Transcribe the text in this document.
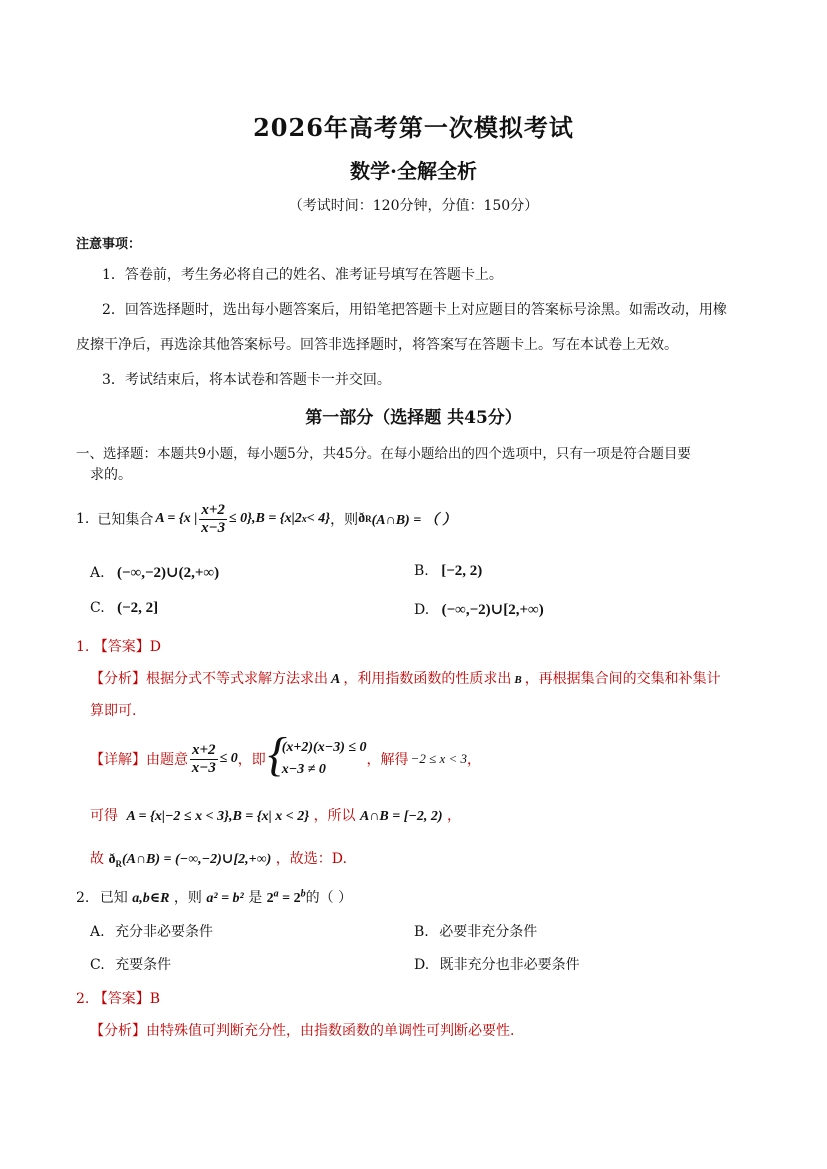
2026年高考第一次模拟考试
数学·全解全析
（考试时间：120分钟，分值：150分）
注意事项：
1．答卷前，考生务必将自己的姓名、准考证号填写在答题卡上。
2．回答选择题时，选出每小题答案后，用铅笔把答题卡上对应题目的答案标号涂黑。如需改动，用橡
皮擦干净后，再选涂其他答案标号。回答非选择题时，将答案写在答题卡上。写在本试卷上无效。
3．考试结束后，将本试卷和答题卡一并交回。
第一部分（选择题 共45分）
一、选择题：本题共9小题，每小题5分，共45分。在每小题给出的四个选项中，只有一项是符合题目要
求的。
1. 已知集合 A = {x | $\frac{x+2}{x-3} \le 0\},B = \{x|2$ x < 4} ，则 ð R (A∩B) = （ ）
A. (−∞,−2)∪(2,+∞)	B. [−2, 2)
C. (−2, 2]	D. (−∞,−2)∪[2,+∞)
1. 【答案】D
【分析】根据分式不等式求解方法求出 A ，利用指数函数的性质求出 B ，再根据集合间的交集和补集计
算即可.
【详解】由题意 $\frac{x+2}{x-3} \le 0$ ，即 {
(x+2)(x−3) ≤ 0
x−3 ≠ 0
，解得 −2 ≤ x < 3 ，
可得 A = {x|−2 ≤ x < 3},B = {x| x < 2} ，所以 A∩B = [−2, 2) ，
故 $ð_R(A\cap B)$ = (−∞,−2)∪[2,+∞) ，故选：D.
2. 已知 a,b∈R ，则 a² = b² 是 $2^a = 2^b$的（ ）
A. 充分非必要条件	B. 必要非充分条件
C. 充要条件	D. 既非充分也非必要条件
2. 【答案】B
【分析】由特殊值可判断充分性，由指数函数的单调性可判断必要性.
